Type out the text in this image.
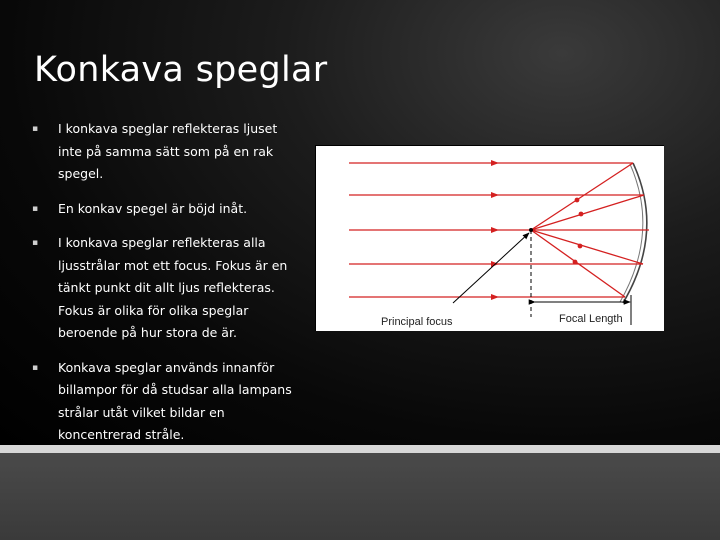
Konkava speglar
▪ I konkava speglar reflekteras ljuset inte på samma sätt som på en rak spegel.
▪ En konkav spegel är böjd inåt.
▪ I konkava speglar reflekteras alla ljusstrålar mot ett focus. Fokus är en tänkt punkt dit allt ljus reflekteras. Fokus är olika för olika speglar beroende på hur stora de är.
▪ Konkava speglar används innanför billampor för då studsar alla lampans strålar utåt vilket bildar en koncentrerad stråle.
Principal focus	Focal Length
